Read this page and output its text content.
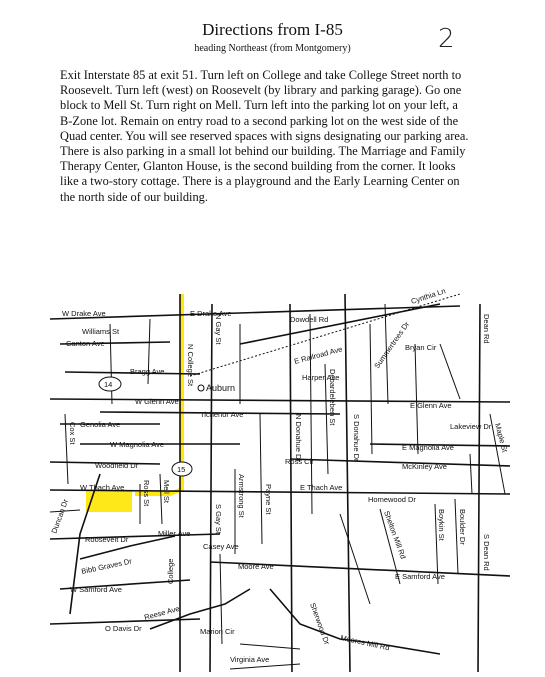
Directions from I-85
heading Northeast (from Montgomery)	2

Exit Interstate 85 at exit 51. Turn left on College and take College Street north to Roosevelt. Turn left (west) on Roosevelt (by library and parking garage). Go one block to Mell St. Turn right on Mell. Turn left into the parking lot on your left, a B-Zone lot. Remain on entry road to a second parking lot on the west side of the Quad center. You will see reserved spaces with signs designating our parking area. There is also parking in a small lot behind our building. The Marriage and Family Therapy Center, Glanton House, is the second building from the corner. It looks like a two-story cottage. There is a playground and the Early Learning Center on the north side of our building.

14
15
Auburn
W Drake Ave	E Drake Ave
Dowdell Rd
Cynthia Ln
Williams St
Canton Ave
Bragg Ave
E Railroad Ave	Bryan Cir
Harper Ave
W Glenn Ave	E Glenn Ave
Tichenor Ave
Genolia Ave
W Magnolia Ave	E Magnolia Ave
Lakeview Dr
Woodfield Dr	Ross Cir
McKinley Ave
W Thach Ave	E Thach Ave
Homewood Dr
Miller Ave
Roosevelt Dr
Casey Ave
Moore Ave
E Samford Ave
W Samford Ave
Bibb Graves Dr
Reese Ave
O Davis Dr	Marion Cir
Virginia Ave
Moores Mill Rd
Sherwood Dr
College
N College St
N Gay St
S Gay St
N Donahue Dr	S Donahue Dr
Dean Rd
S Dean Rd
Mell St
Ross St
Cox St
Duncan Dr	Armstrong St Payne St
Debardeleben St
Summertrees Dr
Shelton Mill Rd
Maple St
Boykin St Boulder Dr
